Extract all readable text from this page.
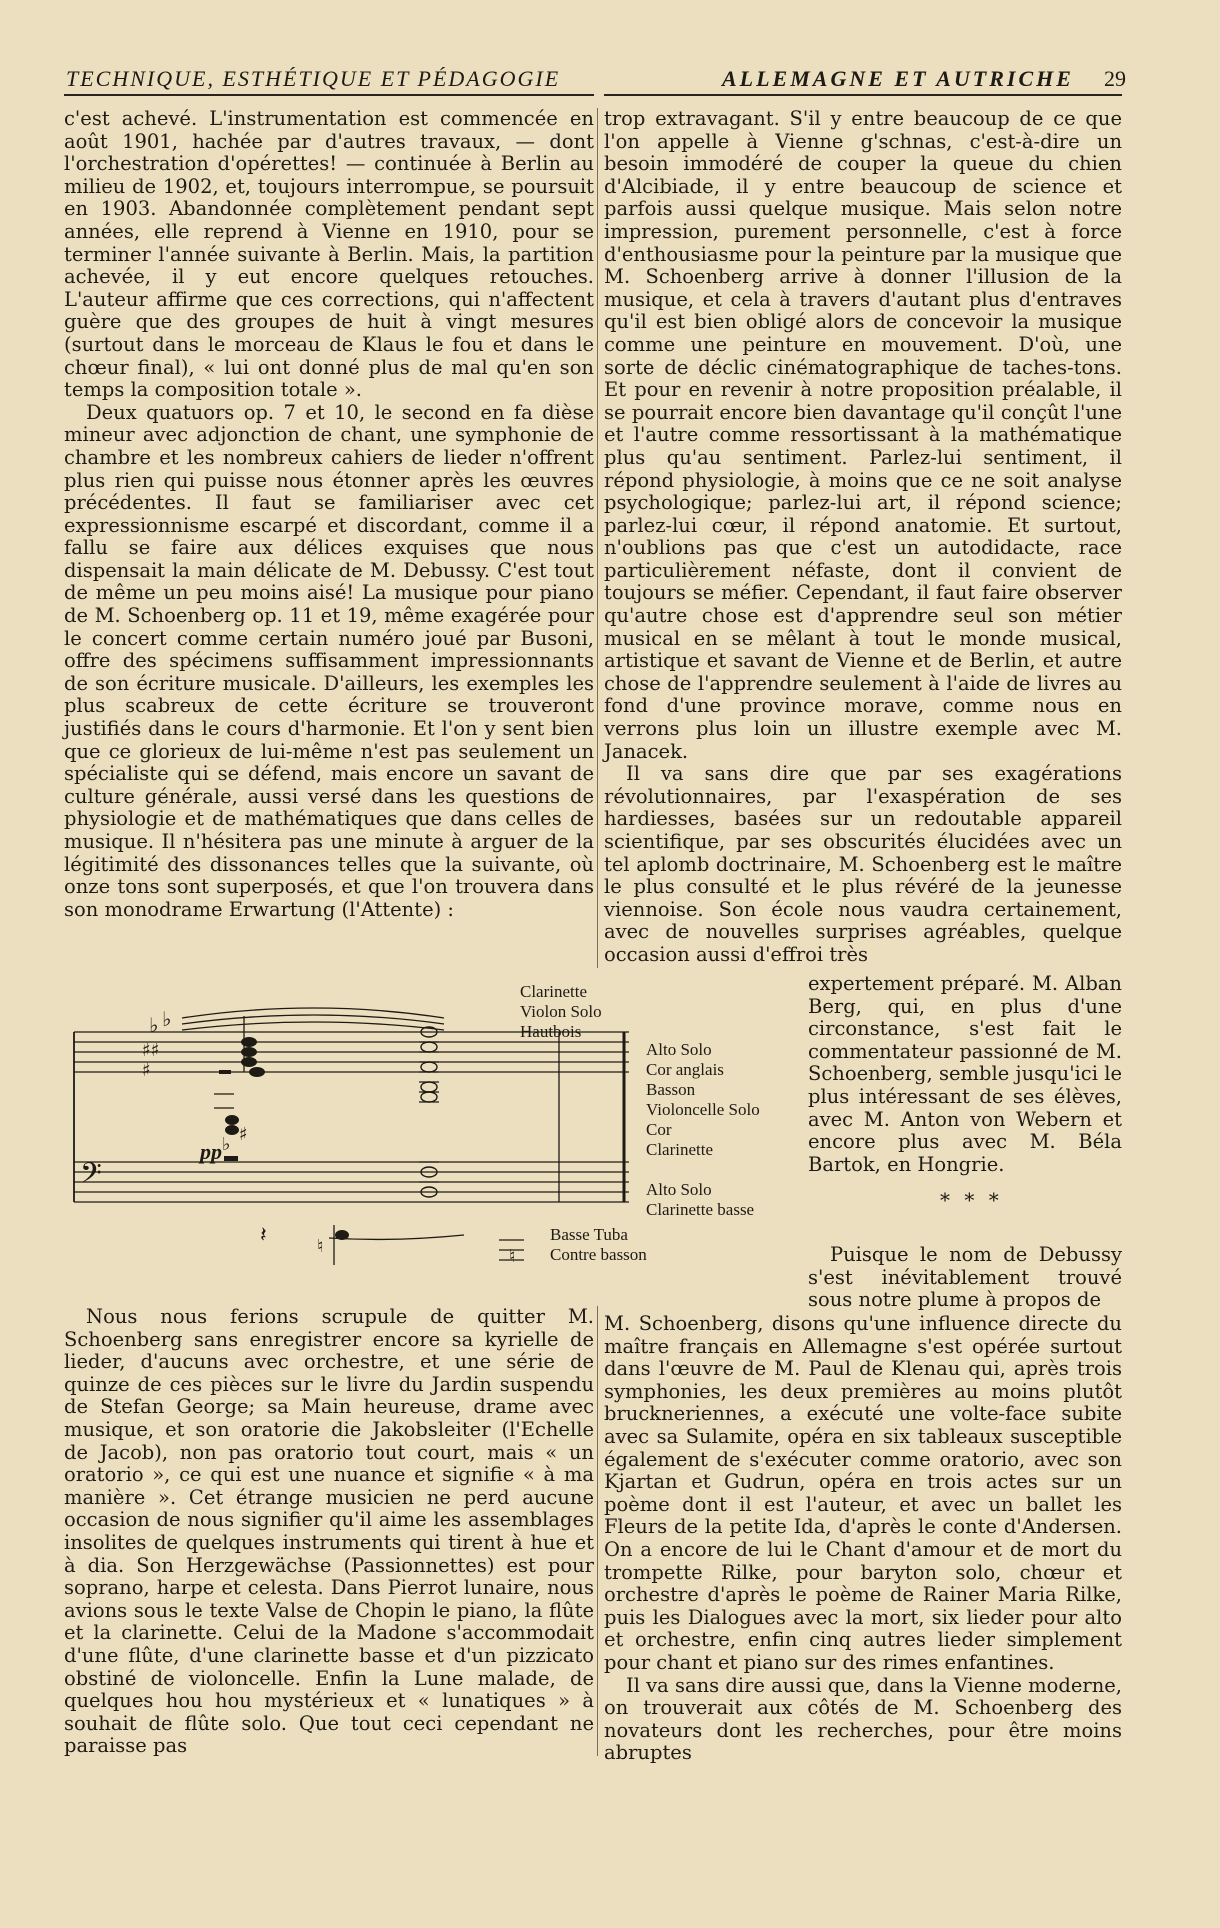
TECHNIQUE, ESTHÉTIQUE ET PÉDAGOGIE	ALLEMAGNE ET AUTRICHE 29

c'est achevé. L'instrumentation est commencée en août 1901, hachée par d'autres travaux, — dont l'orchestration d'opérettes! — continuée à Berlin au milieu de 1902, et, toujours interrompue, se poursuit en 1903. Abandonnée complètement pendant sept années, elle reprend à Vienne en 1910, pour se terminer l'année suivante à Berlin. Mais, la partition achevée, il y eut encore quelques retouches. L'auteur affirme que ces corrections, qui n'affectent guère que des groupes de huit à vingt mesures (surtout dans le morceau de Klaus le fou et dans le chœur final), « lui ont donné plus de mal qu'en son temps la composition totale ».

Deux quatuors op. 7 et 10, le second en fa dièse mineur avec adjonction de chant, une symphonie de chambre et les nombreux cahiers de lieder n'offrent plus rien qui puisse nous étonner après les œuvres précédentes. Il faut se familiariser avec cet expressionnisme escarpé et discordant, comme il a fallu se faire aux délices exquises que nous dispensait la main délicate de M. Debussy. C'est tout de même un peu moins aisé! La musique pour piano de M. Schoenberg op. 11 et 19, même exagérée pour le concert comme certain numéro joué par Busoni, offre des spécimens suffisamment impressionnants de son écriture musicale. D'ailleurs, les exemples les plus scabreux de cette écriture se trouveront justifiés dans le cours d'harmonie. Et l'on y sent bien que ce glorieux de lui-même n'est pas seulement un spécialiste qui se défend, mais encore un savant de culture générale, aussi versé dans les questions de physiologie et de mathématiques que dans celles de musique. Il n'hésitera pas une minute à arguer de la légitimité des dissonances telles que la suivante, où onze tons sont superposés, et que l'on trouvera dans son monodrame Erwartung (l'Attente) :

trop extravagant. S'il y entre beaucoup de ce que l'on appelle à Vienne g'schnas, c'est-à-dire un besoin immodéré de couper la queue du chien d'Alcibiade, il y entre beaucoup de science et parfois aussi quelque musique. Mais selon notre impression, purement personnelle, c'est à force d'enthousiasme pour la peinture par la musique que M. Schoenberg arrive à donner l'illusion de la musique, et cela à travers d'autant plus d'entraves qu'il est bien obligé alors de concevoir la musique comme une peinture en mouvement. D'où, une sorte de déclic cinématographique de taches-tons. Et pour en revenir à notre proposition préalable, il se pourrait encore bien davantage qu'il conçût l'une et l'autre comme ressortissant à la mathématique plus qu'au sentiment. Parlez-lui sentiment, il répond physiologie, à moins que ce ne soit analyse psychologique; parlez-lui art, il répond science; parlez-lui cœur, il répond anatomie. Et surtout, n'oublions pas que c'est un autodidacte, race particulièrement néfaste, dont il convient de toujours se méfier. Cependant, il faut faire observer qu'autre chose est d'apprendre seul son métier musical en se mêlant à tout le monde musical, artistique et savant de Vienne et de Berlin, et autre chose de l'apprendre seulement à l'aide de livres au fond d'une province morave, comme nous en verrons plus loin un illustre exemple avec M. Janacek.

Il va sans dire que par ses exagérations révolutionnaires, par l'exaspération de ses hardiesses, basées sur un redoutable appareil scientifique, par ses obscurités élucidées avec un tel aplomb doctrinaire, M. Schoenberg est le maître le plus consulté et le plus révéré de la jeunesse viennoise. Son école nous vaudra certainement, avec de nouvelles surprises agréables, quelque occasion aussi d'effroi très

expertement préparé. M. Alban Berg, qui, en plus d'une circonstance, s'est fait le commentateur passionné de M. Schoenberg, semble jusqu'ici le plus intéressant de ses élèves, avec M. Anton von Webern et encore plus avec M. Béla Bartok, en Hongrie.

* * *

Puisque le nom de Debussy s'est inévitablement trouvé sous notre plume à propos de

M. Schoenberg, disons qu'une influence directe du maître français en Allemagne s'est opérée surtout dans l'œuvre de M. Paul de Klenau qui, après trois symphonies, les deux premières au moins plutôt bruckneriennes, a exécuté une volte-face subite avec sa Sulamite, opéra en six tableaux susceptible également de s'exécuter comme oratorio, avec son Kjartan et Gudrun, opéra en trois actes sur un poème dont il est l'auteur, et avec un ballet les Fleurs de la petite Ida, d'après le conte d'Andersen. On a encore de lui le Chant d'amour et de mort du trompette Rilke, pour baryton solo, chœur et orchestre d'après le poème de Rainer Maria Rilke, puis les Dialogues avec la mort, six lieder pour alto et orchestre, enfin cinq autres lieder simplement pour chant et piano sur des rimes enfantines.

Il va sans dire aussi que, dans la Vienne moderne, on trouverait aux côtés de M. Schoenberg des novateurs dont les recherches, pour être moins abruptes

Nous nous ferions scrupule de quitter M. Schoenberg sans enregistrer encore sa kyrielle de lieder, d'aucuns avec orchestre, et une série de quinze de ces pièces sur le livre du Jardin suspendu de Stefan George; sa Main heureuse, drame avec musique, et son oratorie die Jakobsleiter (l'Echelle de Jacob), non pas oratorio tout court, mais « un oratorio », ce qui est une nuance et signifie « à ma manière ». Cet étrange musicien ne perd aucune occasion de nous signifier qu'il aime les assemblages insolites de quelques instruments qui tirent à hue et à dia. Son Herzgewächse (Passionnettes) est pour soprano, harpe et celesta. Dans Pierrot lunaire, nous avions sous le texte Valse de Chopin le piano, la flûte et la clarinette. Celui de la Madone s'accommodait d'une flûte, d'une clarinette basse et d'un pizzicato obstiné de violoncelle. Enfin la Lune malade, de quelques hou hou mystérieux et « lunatiques » à souhait de flûte solo. Que tout ceci cependant ne paraisse pas

♭ ♭
♯♯
♯
♭ ♯
𝄢
𝄽	♮	♮
Clarinette
Violon Solo
Hautbois
Alto Solo
Cor anglais
Basson
Violoncelle Solo
Cor
Clarinette
Alto Solo
Clarinette basse
Basse Tuba
Contre basson
pp
